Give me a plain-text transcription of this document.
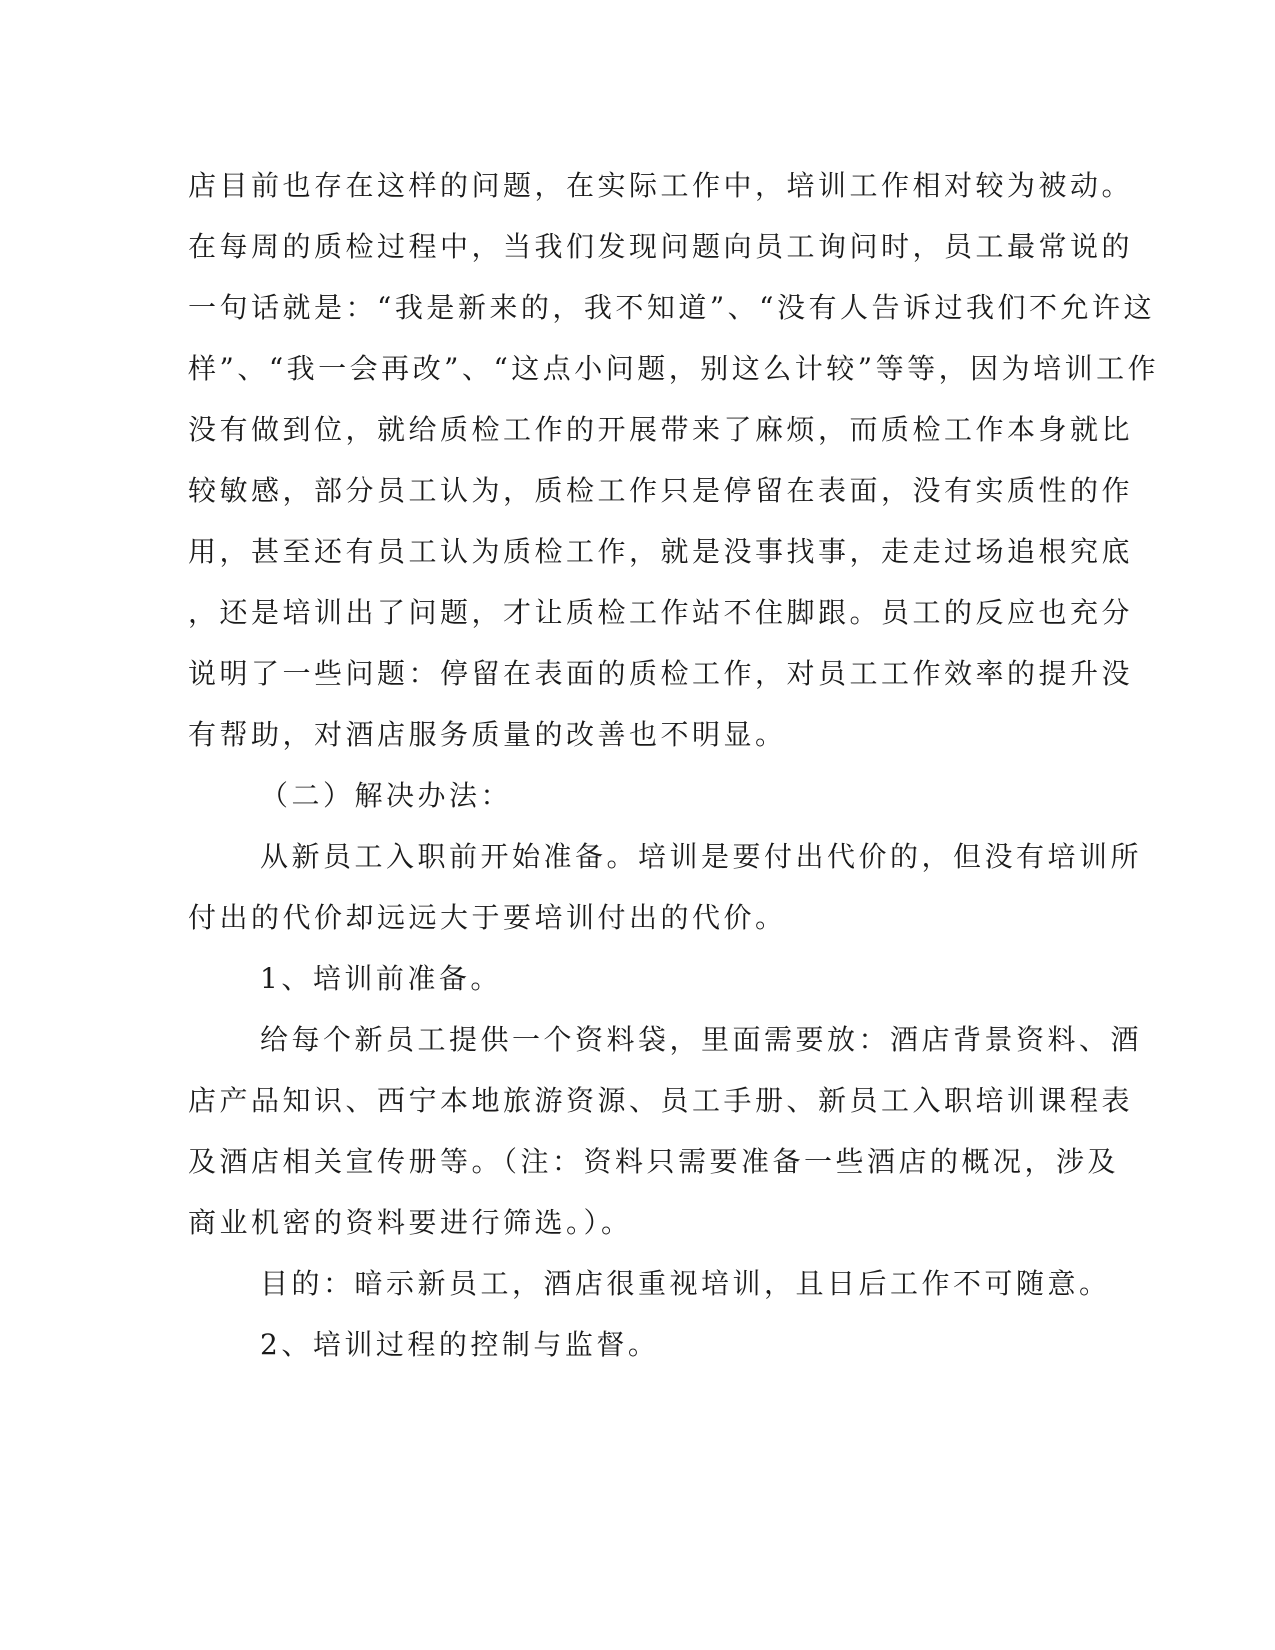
店目前也存在这样的问题，在实际工作中，培训工作相对较为被动。
在每周的质检过程中，当我们发现问题向员工询问时，员工最常说的
一句话就是：“我是新来的，我不知道”、“没有人告诉过我们不允许这
样”、“我一会再改”、“这点小问题，别这么计较”等等，因为培训工作
没有做到位，就给质检工作的开展带来了麻烦，而质检工作本身就比
较敏感，部分员工认为，质检工作只是停留在表面，没有实质性的作
用，甚至还有员工认为质检工作，就是没事找事，走走过场追根究底
，还是培训出了问题，才让质检工作站不住脚跟。员工的反应也充分
说明了一些问题：停留在表面的质检工作，对员工工作效率的提升没
有帮助，对酒店服务质量的改善也不明显。
（二）解决办法：
从新员工入职前开始准备。培训是要付出代价的，但没有培训所
付出的代价却远远大于要培训付出的代价。
1、培训前准备。
给每个新员工提供一个资料袋，里面需要放：酒店背景资料、酒
店产品知识、西宁本地旅游资源、员工手册、新员工入职培训课程表
及酒店相关宣传册等。（注：资料只需要准备一些酒店的概况，涉及
商业机密的资料要进行筛选。）。
目的：暗示新员工，酒店很重视培训，且日后工作不可随意。
2、培训过程的控制与监督。
